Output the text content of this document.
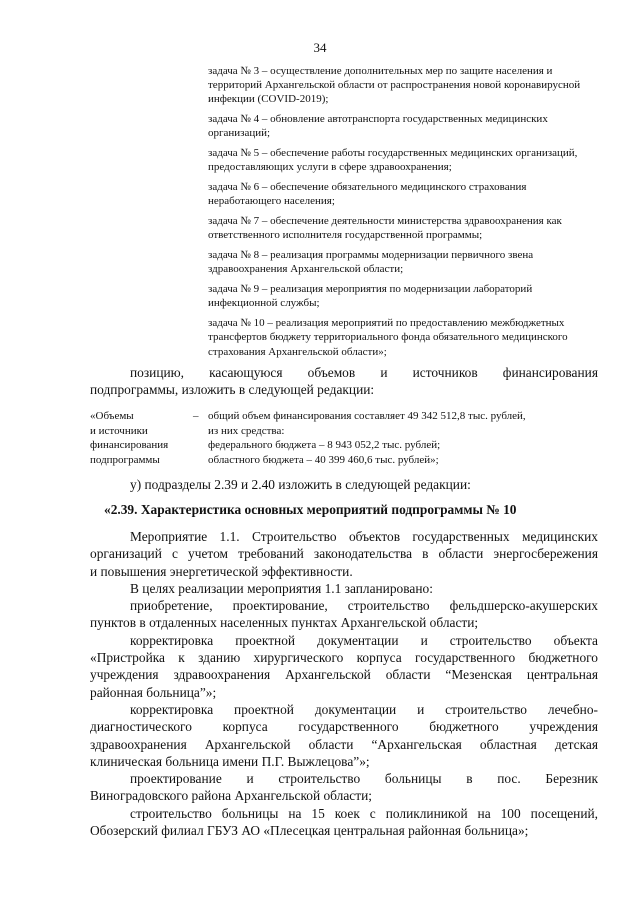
34

задача № 3 – осуществление дополнительных мер по защите населения и территорий Архангельской области от распространения новой коронавирусной инфекции (COVID-2019);

задача № 4 – обновление автотранспорта государственных медицинских организаций;

задача № 5 – обеспечение работы государственных медицинских организаций, предоставляющих услуги в сфере здравоохранения;

задача № 6 – обеспечение обязательного медицинского страхования неработающего населения;

задача № 7 – обеспечение деятельности министерства здравоохранения как ответственного исполнителя государственной программы;

задача № 8 – реализация программы модернизации первичного звена здравоохранения Архангельской области;

задача № 9 – реализация мероприятия по модернизации лабораторий инфекционной службы;

задача № 10 – реализация мероприятий по предоставлению межбюджетных трансфертов бюджету территориального фонда обязательного медицинского страхования Архангельской области»;

позицию, касающуюся объемов и источников финансирования

подпрограммы, изложить в следующей редакции:

«Объемы
и источники
финансирования
подпрограммы
– общий объем финансирования составляет 49 342 512,8 тыс. рублей,
из них средства:
федерального бюджета – 8 943 052,2 тыс. рублей;
областного бюджета – 40 399 460,6 тыс. рублей»;

у) подразделы 2.39 и 2.40 изложить в следующей редакции:

«2.39. Характеристика основных мероприятий подпрограммы № 10

Мероприятие 1.1. Строительство объектов государственных медицинских

организаций с учетом требований законодательства в области энергосбережения

и повышения энергетической эффективности.

В целях реализации мероприятия 1.1 запланировано:

приобретение, проектирование, строительство фельдшерско-акушерских

пунктов в отдаленных населенных пунктах Архангельской области;

корректировка проектной документации и строительство объекта

«Пристройка к зданию хирургического корпуса государственного бюджетного

учреждения здравоохранения Архангельской области “Мезенская центральная

районная больница”»;

корректировка проектной документации и строительство лечебно-

диагностического корпуса государственного бюджетного учреждения

здравоохранения Архангельской области “Архангельская областная детская

клиническая больница имени П.Г. Выжлецова”»;

проектирование и строительство больницы в пос. Березник

Виноградовского района Архангельской области;

строительство больницы на 15 коек с поликлиникой на 100 посещений,

Обозерский филиал ГБУЗ АО «Плесецкая центральная районная больница»;
